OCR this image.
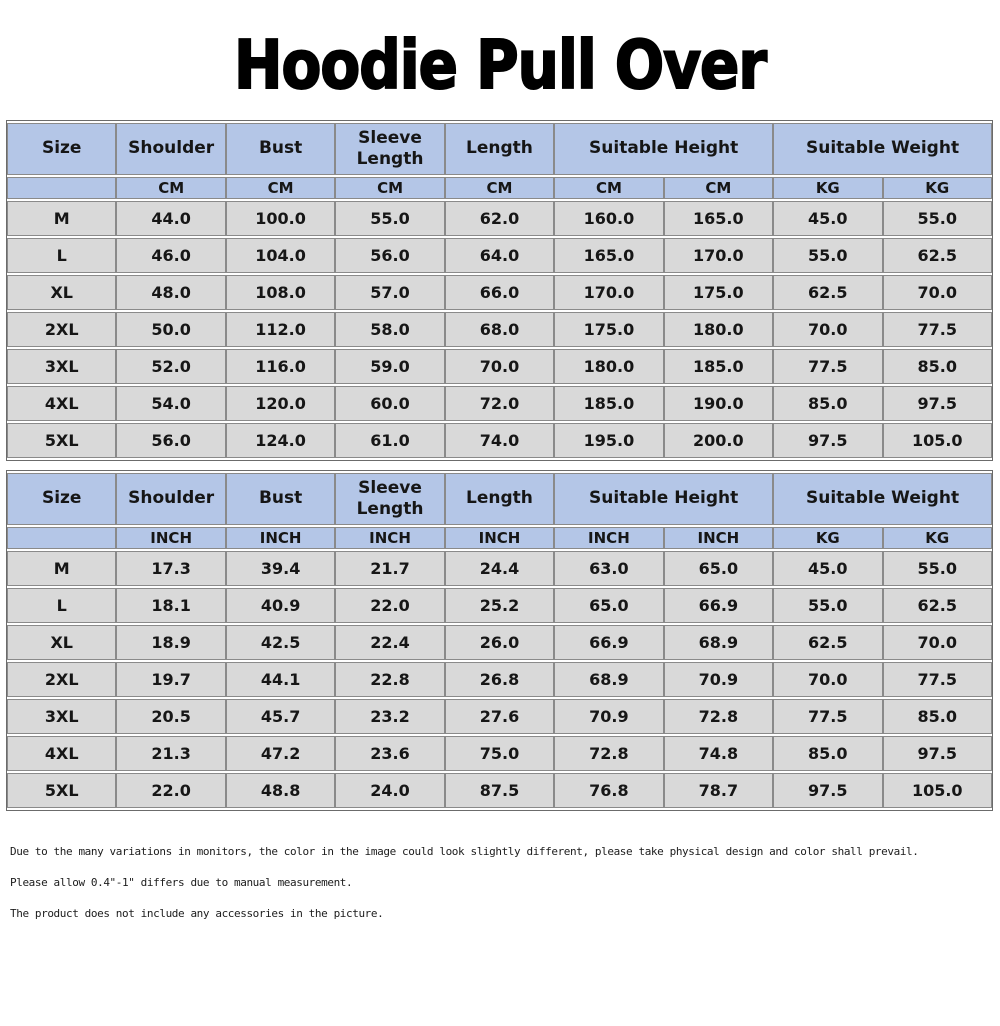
Hoodie Pull Over
Size	Shoulder	Bust	Sleeve Length	Length	Suitable Height		Suitable Weight	
	CM	CM	CM	CM	CM	CM	KG	KG
M	44.0	100.0	55.0	62.0	160.0	165.0	45.0	55.0
L	46.0	104.0	56.0	64.0	165.0	170.0	55.0	62.5
XL	48.0	108.0	57.0	66.0	170.0	175.0	62.5	70.0
2XL	50.0	112.0	58.0	68.0	175.0	180.0	70.0	77.5
3XL	52.0	116.0	59.0	70.0	180.0	185.0	77.5	85.0
4XL	54.0	120.0	60.0	72.0	185.0	190.0	85.0	97.5
5XL	56.0	124.0	61.0	74.0	195.0	200.0	97.5	105.0
Size	Shoulder	Bust	Sleeve Length	Length	Suitable Height		Suitable Weight	
	INCH	INCH	INCH	INCH	INCH	INCH	KG	KG
M	17.3	39.4	21.7	24.4	63.0	65.0	45.0	55.0
L	18.1	40.9	22.0	25.2	65.0	66.9	55.0	62.5
XL	18.9	42.5	22.4	26.0	66.9	68.9	62.5	70.0
2XL	19.7	44.1	22.8	26.8	68.9	70.9	70.0	77.5
3XL	20.5	45.7	23.2	27.6	70.9	72.8	77.5	85.0
4XL	21.3	47.2	23.6	75.0	72.8	74.8	85.0	97.5
5XL	22.0	48.8	24.0	87.5	76.8	78.7	97.5	105.0

Due to the many variations in monitors, the color in the image could look slightly different, please take physical design and color shall prevail.

Please allow 0.4"-1" differs due to manual measurement.

The product does not include any accessories in the picture.
